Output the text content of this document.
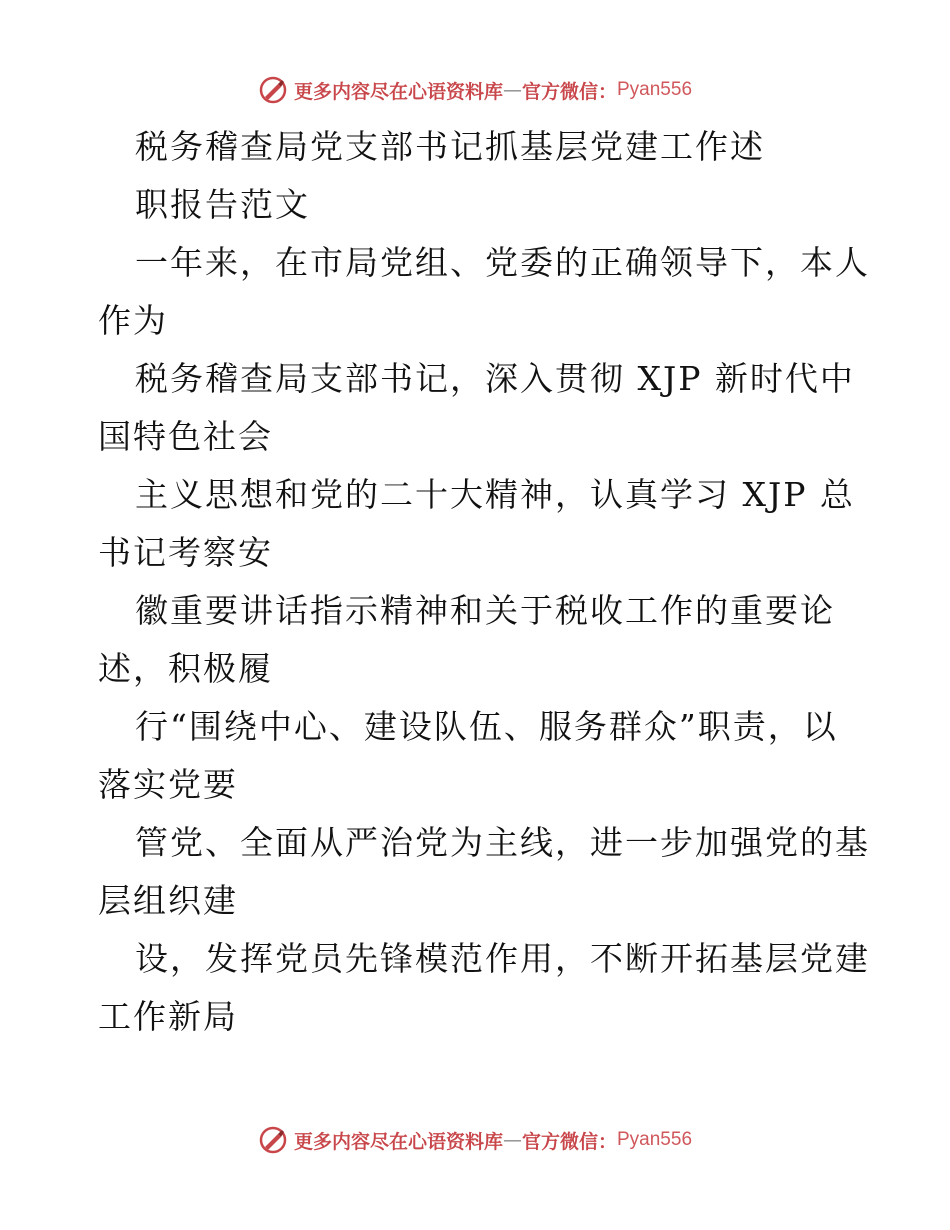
更多内容尽在心语资料库 — 官方微信： Pyan556
税务稽查局党支部书记抓基层党建工作述
职报告范文
一年来，在市局党组、党委的正确领导下，本人
作为
税务稽查局支部书记，深入贯彻 XJP 新时代中
国特色社会
主义思想和党的二十大精神，认真学习 XJP 总
书记考察安
徽重要讲话指示精神和关于税收工作的重要论
述，积极履
行“围绕中心、建设队伍、服务群众”职责，以
落实党要
管党、全面从严治党为主线，进一步加强党的基
层组织建
设，发挥党员先锋模范作用，不断开拓基层党建
工作新局
更多内容尽在心语资料库 — 官方微信： Pyan556
